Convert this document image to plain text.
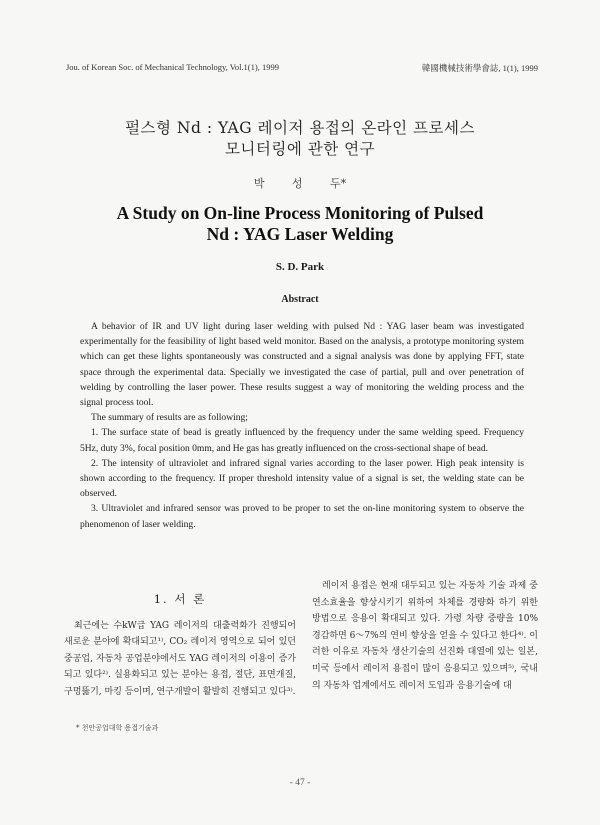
Jou. of Korean Soc. of Mechanical Technology, Vol.1(1), 1999	韓國機械技術學會誌, 1(1), 1999
펄스형 Nd : YAG 레이저 용접의 온라인 프로세스
모니터링에 관한 연구
박 성 두*
A Study on On-line Process Monitoring of Pulsed
Nd : YAG Laser Welding
S. D. Park
Abstract

A behavior of IR and UV light during laser welding with pulsed Nd : YAG laser beam was investigated experimentally for the feasibility of light based weld monitor. Based on the analysis, a prototype monitoring system which can get these lights spontaneously was constructed and a signal analysis was done by applying FFT, state space through the experimental data. Specially we investigated the case of partial, pull and over penetration of welding by controlling the laser power. These results suggest a way of monitoring the welding process and the signal process tool.

The summary of results are as following;

1. The surface state of bead is greatly influenced by the frequency under the same welding speed. Frequency 5Hz, duty 3%, focal position 0mm, and He gas has greatly influenced on the cross-sectional shape of bead.

2. The intensity of ultraviolet and infrared signal varies according to the laser power. High peak intensity is shown according to the frequency. If proper threshold intensity value of a signal is set, the welding state can be observed.

3. Ultraviolet and infrared sensor was proved to be proper to set the on-line monitoring system to observe the phenomenon of laser welding.

1. 서 론

최근에는 수kW급 YAG 레이저의 대출력화가 진행되어 새로운 분야에 확대되고¹⁾, CO₂ 레이저 영역으로 되어 있던 중공업, 자동차 공업분야에서도 YAG 레이저의 이용이 증가되고 있다²⁾. 실용화되고 있는 분야는 용접, 절단, 표면개질, 구멍뚫기, 마킹 등이며, 연구개발이 활발히 진행되고 있다³⁾.

레이저 용접은 현재 대두되고 있는 자동차 기술 과제 중 연소효율을 향상시키기 위하여 차체를 경량화 하기 위한 방법으로 응용이 확대되고 있다. 가령 차량 중량을 10% 경감하면 6～7%의 연비 향상을 얻을 수 있다고 한다⁴⁾. 이러한 이유로 자동차 생산기술의 선진화 대열에 있는 일본, 미국 등에서 레이저 용접이 많이 응용되고 있으며⁵⁾, 국내의 자동차 업계에서도 레이저 도입과 응용기술에 대

* 천안공업대학 용접기술과
- 47 -
